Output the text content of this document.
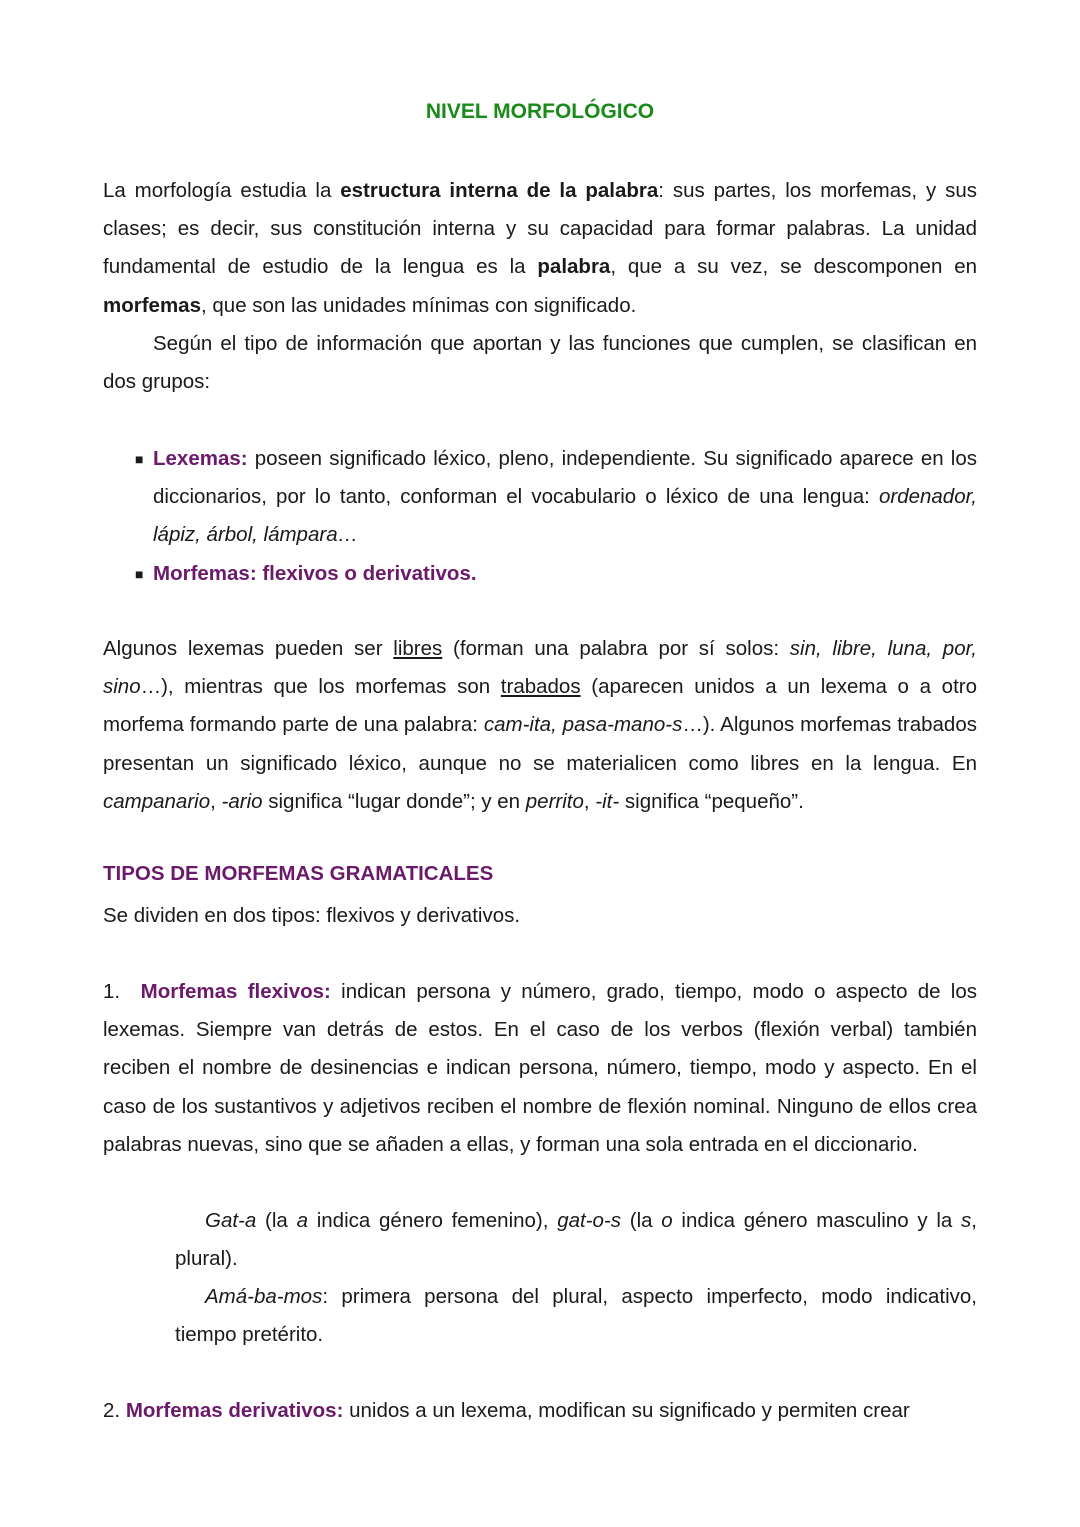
NIVEL MORFOLÓGICO

La morfología estudia la estructura interna de la palabra: sus partes, los morfemas, y sus clases; es decir, sus constitución interna y su capacidad para formar palabras. La unidad fundamental de estudio de la lengua es la palabra, que a su vez, se descomponen en morfemas, que son las unidades mínimas con significado.

Según el tipo de información que aportan y las funciones que cumplen, se clasifican en dos grupos:

■ Lexemas: poseen significado léxico, pleno, independiente. Su significado aparece en los diccionarios, por lo tanto, conforman el vocabulario o léxico de una lengua: ordenador, lápiz, árbol, lámpara…

■ Morfemas: flexivos o derivativos.

Algunos lexemas pueden ser libres (forman una palabra por sí solos: sin, libre, luna, por, sino…), mientras que los morfemas son trabados (aparecen unidos a un lexema o a otro morfema formando parte de una palabra: cam-ita, pasa-mano-s…). Algunos morfemas trabados presentan un significado léxico, aunque no se materialicen como libres en la lengua. En campanario, -ario significa “lugar donde”; y en perrito, -it- significa “pequeño”.

TIPOS DE MORFEMAS GRAMATICALES

Se dividen en dos tipos: flexivos y derivativos.

1. Morfemas flexivos: indican persona y número, grado, tiempo, modo o aspecto de los lexemas. Siempre van detrás de estos. En el caso de los verbos (flexión verbal) también reciben el nombre de desinencias e indican persona, número, tiempo, modo y aspecto. En el caso de los sustantivos y adjetivos reciben el nombre de flexión nominal. Ninguno de ellos crea palabras nuevas, sino que se añaden a ellas, y forman una sola entrada en el diccionario.

Gat-a (la a indica género femenino), gat-o-s (la o indica género masculino y la s, plural).

Amá-ba-mos: primera persona del plural, aspecto imperfecto, modo indicativo, tiempo pretérito.

2. Morfemas derivativos: unidos a un lexema, modifican su significado y permiten crear
